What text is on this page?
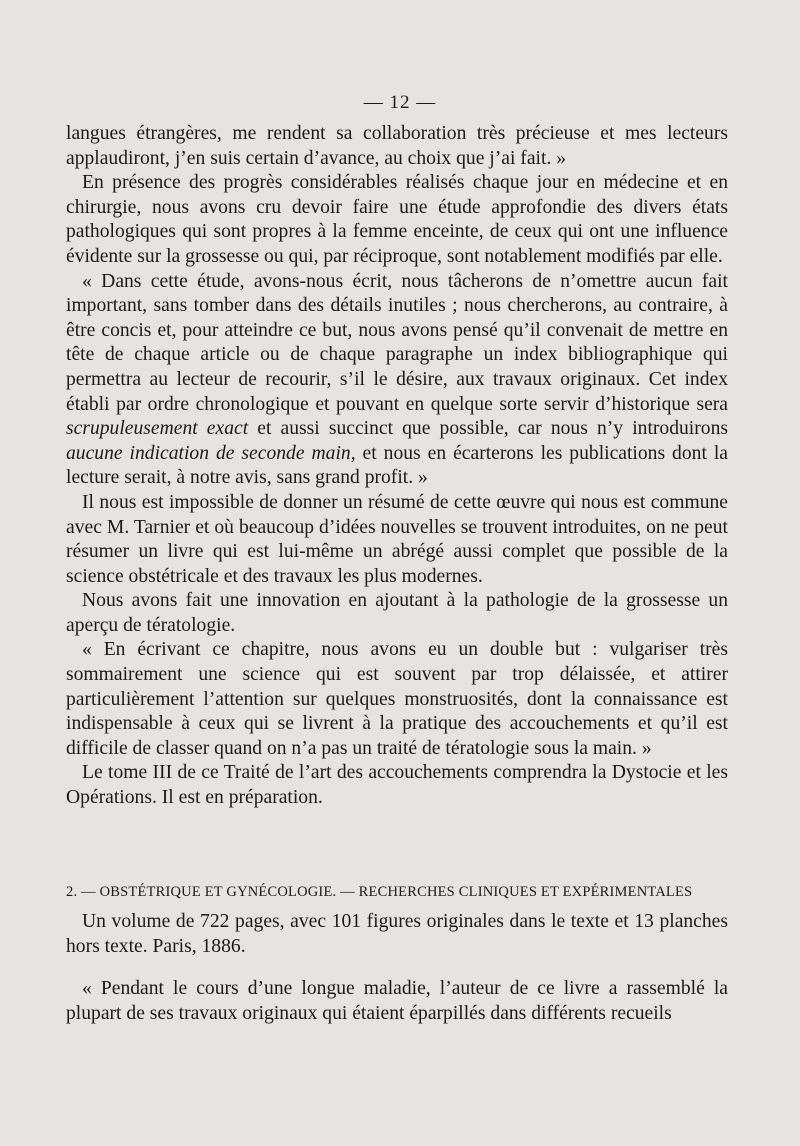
— 12 —

langues étrangères, me rendent sa collaboration très précieuse et mes lecteurs applaudiront, j’en suis certain d’avance, au choix que j’ai fait. »

En présence des progrès considérables réalisés chaque jour en médecine et en chirurgie, nous avons cru devoir faire une étude approfondie des divers états pathologiques qui sont propres à la femme enceinte, de ceux qui ont une influence évidente sur la grossesse ou qui, par réciproque, sont notablement modifiés par elle.

« Dans cette étude, avons-nous écrit, nous tâcherons de n’omettre aucun fait important, sans tomber dans des détails inutiles ; nous chercherons, au contraire, à être concis et, pour atteindre ce but, nous avons pensé qu’il convenait de mettre en tête de chaque article ou de chaque paragraphe un index bibliographique qui permettra au lecteur de recourir, s’il le désire, aux travaux originaux. Cet index établi par ordre chronologique et pouvant en quelque sorte servir d’historique sera scrupuleusement exact et aussi succinct que possible, car nous n’y introduirons aucune indication de seconde main, et nous en écarterons les publications dont la lecture serait, à notre avis, sans grand profit. »

Il nous est impossible de donner un résumé de cette œuvre qui nous est commune avec M. Tarnier et où beaucoup d’idées nouvelles se trouvent introduites, on ne peut résumer un livre qui est lui-même un abrégé aussi complet que possible de la science obstétricale et des travaux les plus modernes.

Nous avons fait une innovation en ajoutant à la pathologie de la grossesse un aperçu de tératologie.

« En écrivant ce chapitre, nous avons eu un double but : vulgariser très sommairement une science qui est souvent par trop délaissée, et attirer particulièrement l’attention sur quelques monstruosités, dont la connaissance est indispensable à ceux qui se livrent à la pratique des accouchements et qu’il est difficile de classer quand on n’a pas un traité de tératologie sous la main. »

Le tome III de ce Traité de l’art des accouchements comprendra la Dystocie et les Opérations. Il est en préparation.

2. — OBSTÉTRIQUE ET GYNÉCOLOGIE. — RECHERCHES CLINIQUES ET EXPÉRIMENTALES

Un volume de 722 pages, avec 101 figures originales dans le texte et 13 planches hors texte. Paris, 1886.

« Pendant le cours d’une longue maladie, l’auteur de ce livre a rassemblé la plupart de ses travaux originaux qui étaient éparpillés dans différents recueils
